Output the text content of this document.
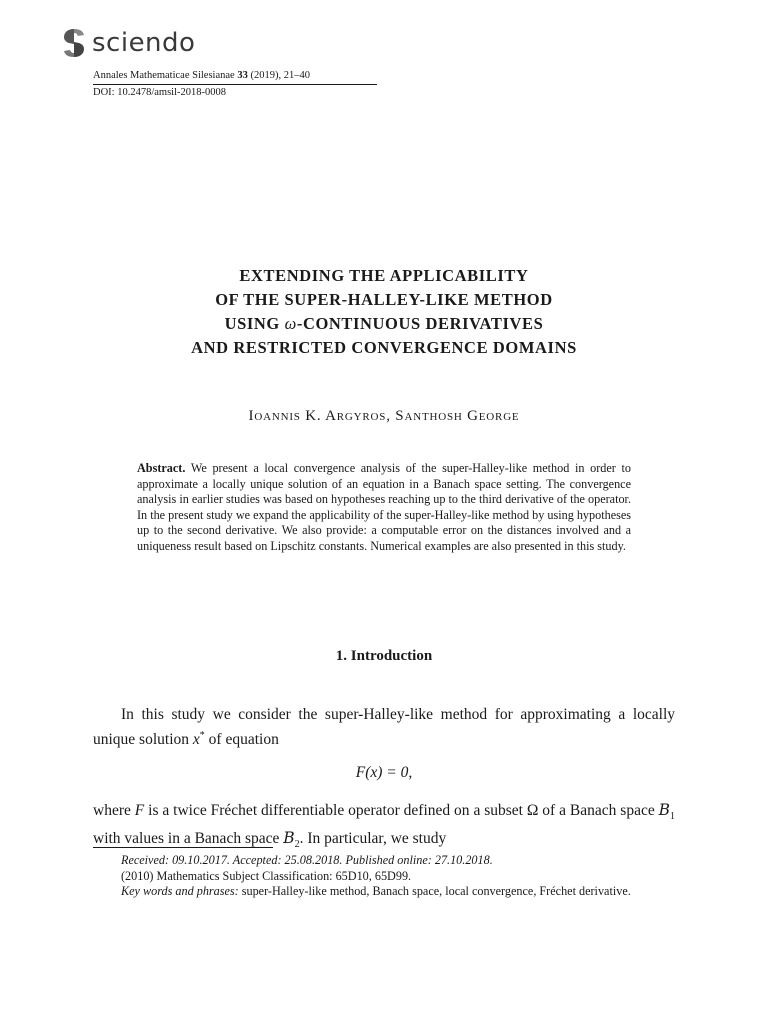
sciendo
Annales Mathematicae Silesianae 33 (2019), 21–40
DOI: 10.2478/amsil-2018-0008
EXTENDING THE APPLICABILITY
OF THE SUPER-HALLEY-LIKE METHOD
USING ω-CONTINUOUS DERIVATIVES
AND RESTRICTED CONVERGENCE DOMAINS
Ioannis K. Argyros, Santhosh George
Abstract. We present a local convergence analysis of the super-Halley-like method in order to approximate a locally unique solution of an equation in a Banach space setting. The convergence analysis in earlier studies was based on hypotheses reaching up to the third derivative of the operator. In the present study we expand the applicability of the super-Halley-like method by using hypotheses up to the second derivative. We also provide: a computable error on the distances involved and a uniqueness result based on Lipschitz constants. Numerical examples are also presented in this study.
1. Introduction
In this study we consider the super-Halley-like method for approximating a locally unique solution x* of equation
F(x) = 0,
where F is a twice Fréchet differentiable operator defined on a subset Ω of a Banach space $B_1$ with values in a Banach space $B_2$. In particular, we study
Received: 09.10.2017. Accepted: 25.08.2018. Published online: 27.10.2018.
(2010) Mathematics Subject Classification: 65D10, 65D99.
Key words and phrases: super-Halley-like method, Banach space, local convergence, Fréchet derivative.
